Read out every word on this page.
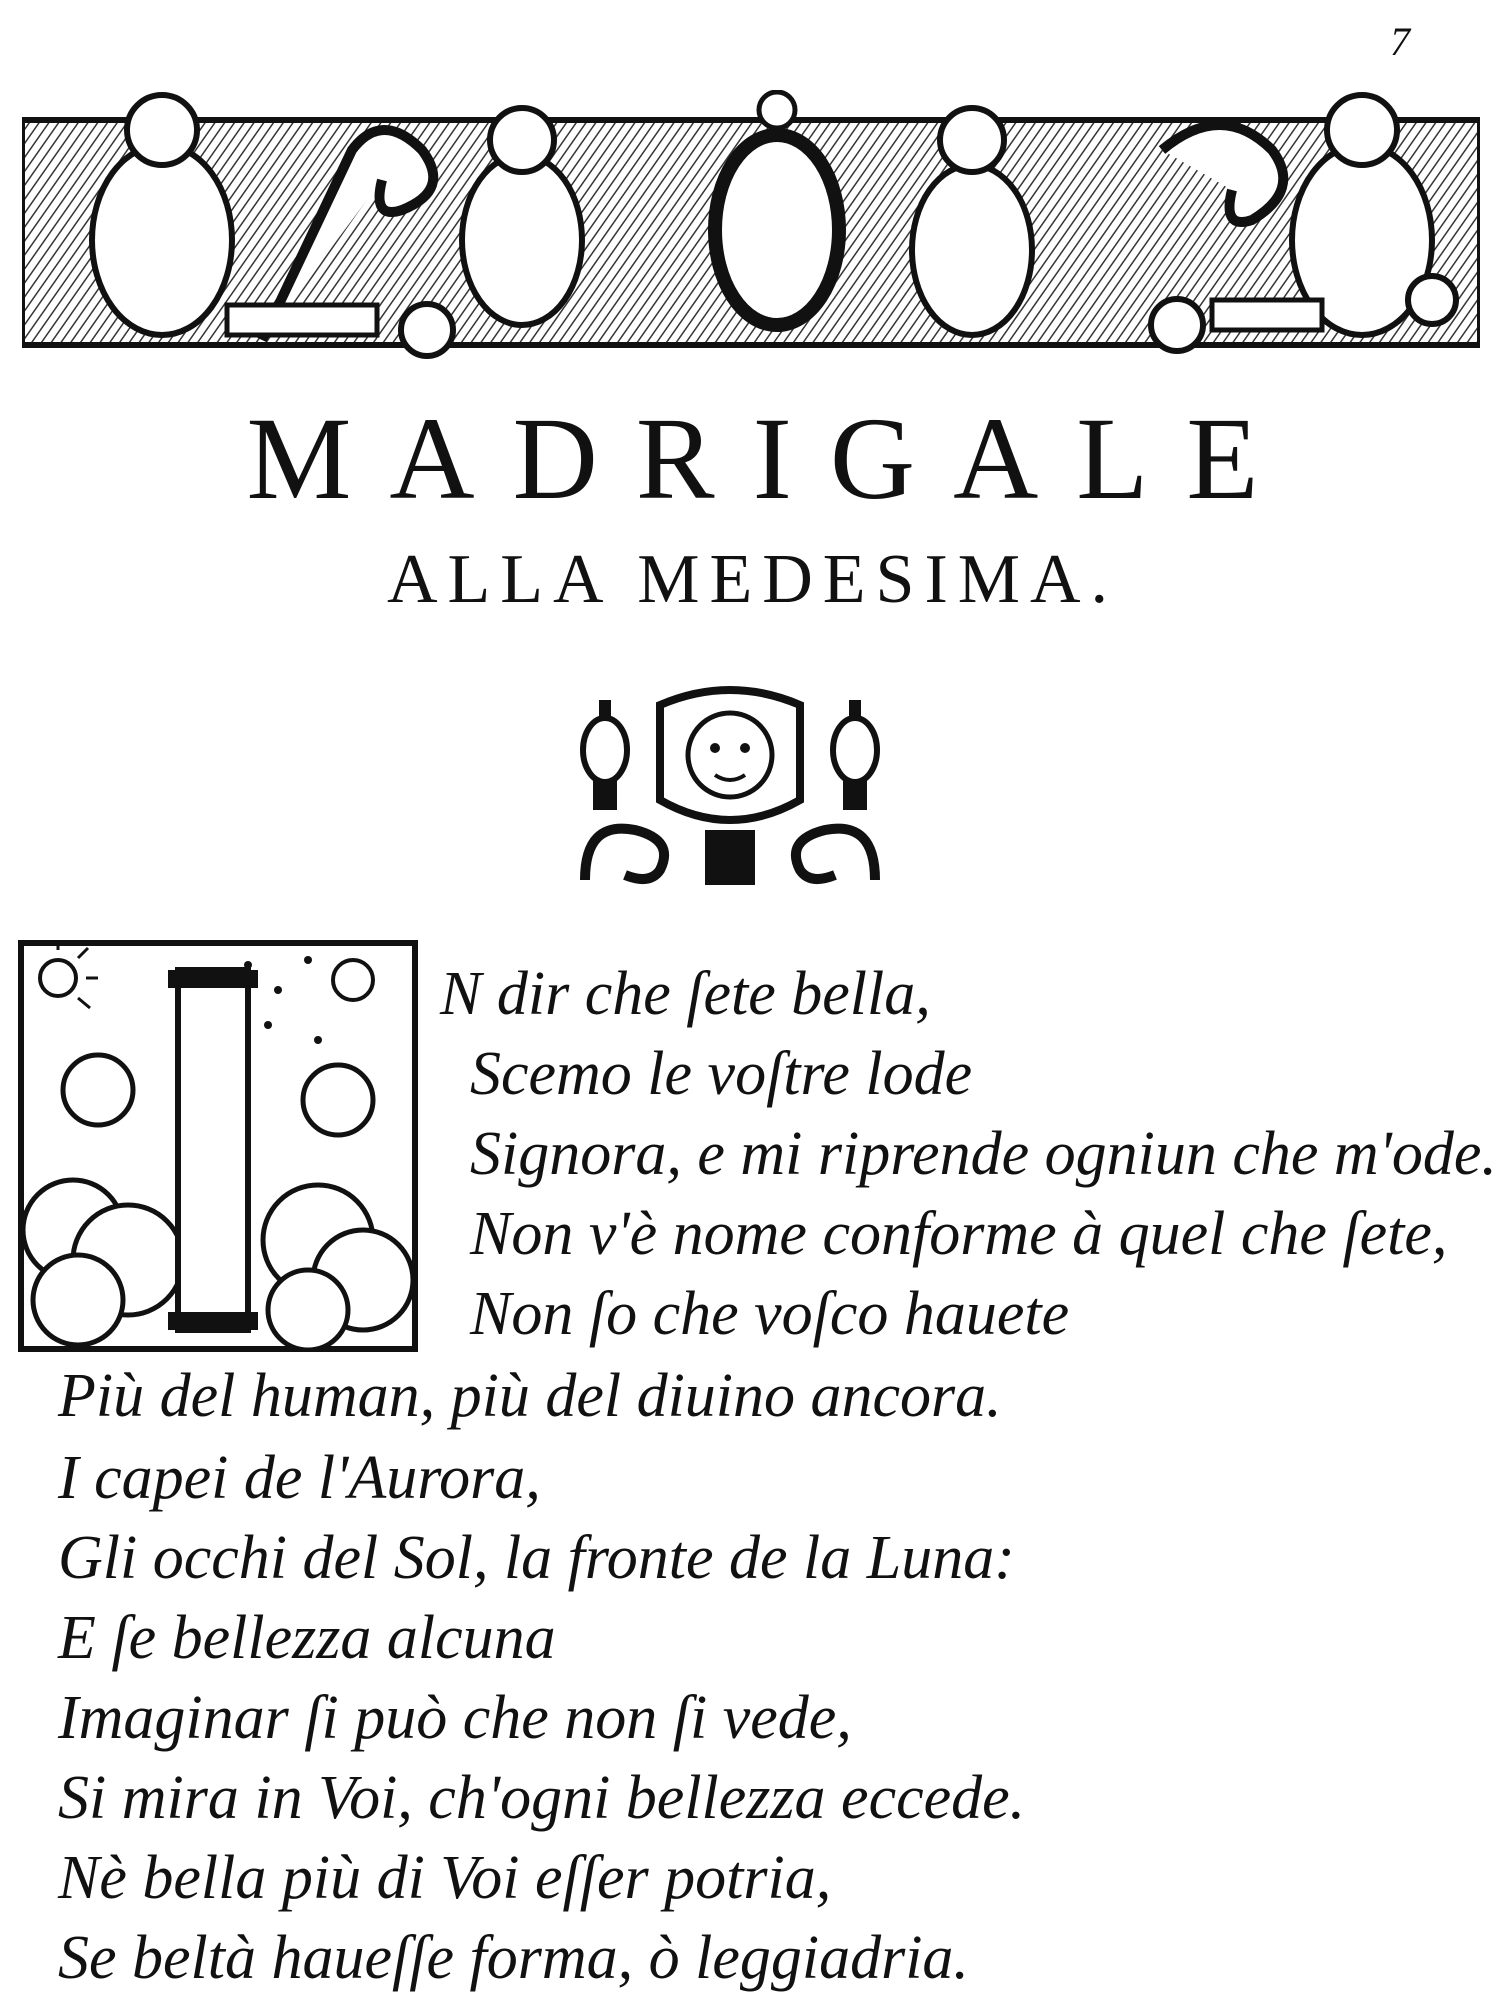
7
MADRIGALE
ALLA MEDESIMA.
N dir che ſete bella,
Scemo le voſtre lode
Signora, e mi riprende ogniun che m'ode.
Non v'è nome conforme à quel che ſete,
Non ſo che voſco hauete
Più del human, più del diuino ancora.
I capei de l'Aurora,
Gli occhi del Sol, la fronte de la Luna:
E ſe bellezza alcuna
Imaginar ſi può che non ſi vede,
Si mira in Voi, ch'ogni bellezza eccede.
Nè bella più di Voi eſſer potria,
Se beltà haueſſe forma, ò leggiadria.
